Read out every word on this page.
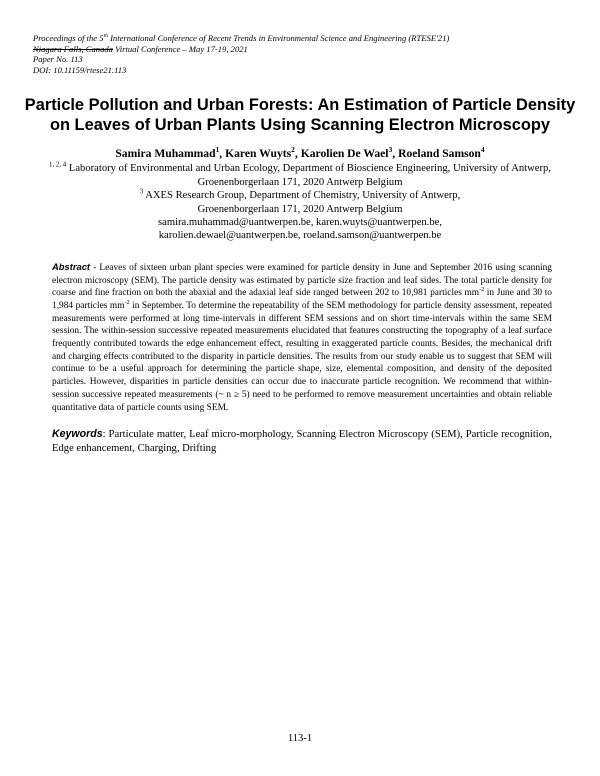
Proceedings of the 5th International Conference of Recent Trends in Environmental Science and Engineering (RTESE'21)
Niagara Falls, Canada Virtual Conference – May 17-19, 2021
Paper No. 113
DOI: 10.11159/rtese21.113
Particle Pollution and Urban Forests: An Estimation of Particle Density on Leaves of Urban Plants Using Scanning Electron Microscopy
Samira Muhammad$^1$, Karen Wuyts$^2$, Karolien De Wael$^3$, Roeland Samson$^4$
$^{1, 2, 4}$ Laboratory of Environmental and Urban Ecology, Department of Bioscience Engineering, University of Antwerp,
Groenenborgerlaan 171, 2020 Antwerp Belgium
$^3$ AXES Research Group, Department of Chemistry, University of Antwerp,
Groenenborgerlaan 171, 2020 Antwerp Belgium
samira.muhammad@uantwerpen.be, karen.wuyts@uantwerpen.be,
karolien.dewael@uantwerpen.be, roeland.samson@uantwerpen.be
Abstract - Leaves of sixteen urban plant species were examined for particle density in June and September 2016 using scanning electron microscopy (SEM). The particle density was estimated by particle size fraction and leaf sides. The total particle density for coarse and fine fraction on both the abaxial and the adaxial leaf side ranged between 202 to 10,981 particles $mm^{-2}$ in June and 30 to 1,984 particles $mm^{-2}$ in September. To determine the repeatability of the SEM methodology for particle density assessment, repeated measurements were performed at long time-intervals in different SEM sessions and on short time-intervals within the same SEM session. The within-session successive repeated measurements elucidated that features constructing the topography of a leaf surface frequently contributed towards the edge enhancement effect, resulting in exaggerated particle counts. Besides, the mechanical drift and charging effects contributed to the disparity in particle densities. The results from our study enable us to suggest that SEM will continue to be a useful approach for determining the particle shape, size, elemental composition, and density of the deposited particles. However, disparities in particle densities can occur due to inaccurate particle recognition. We recommend that within-session successive repeated measurements (~ n ≥ 5) need to be performed to remove measurement uncertainties and obtain reliable quantitative data of particle counts using SEM.
Keywords: Particulate matter, Leaf micro-morphology, Scanning Electron Microscopy (SEM), Particle recognition, Edge enhancement, Charging, Drifting
113-1
